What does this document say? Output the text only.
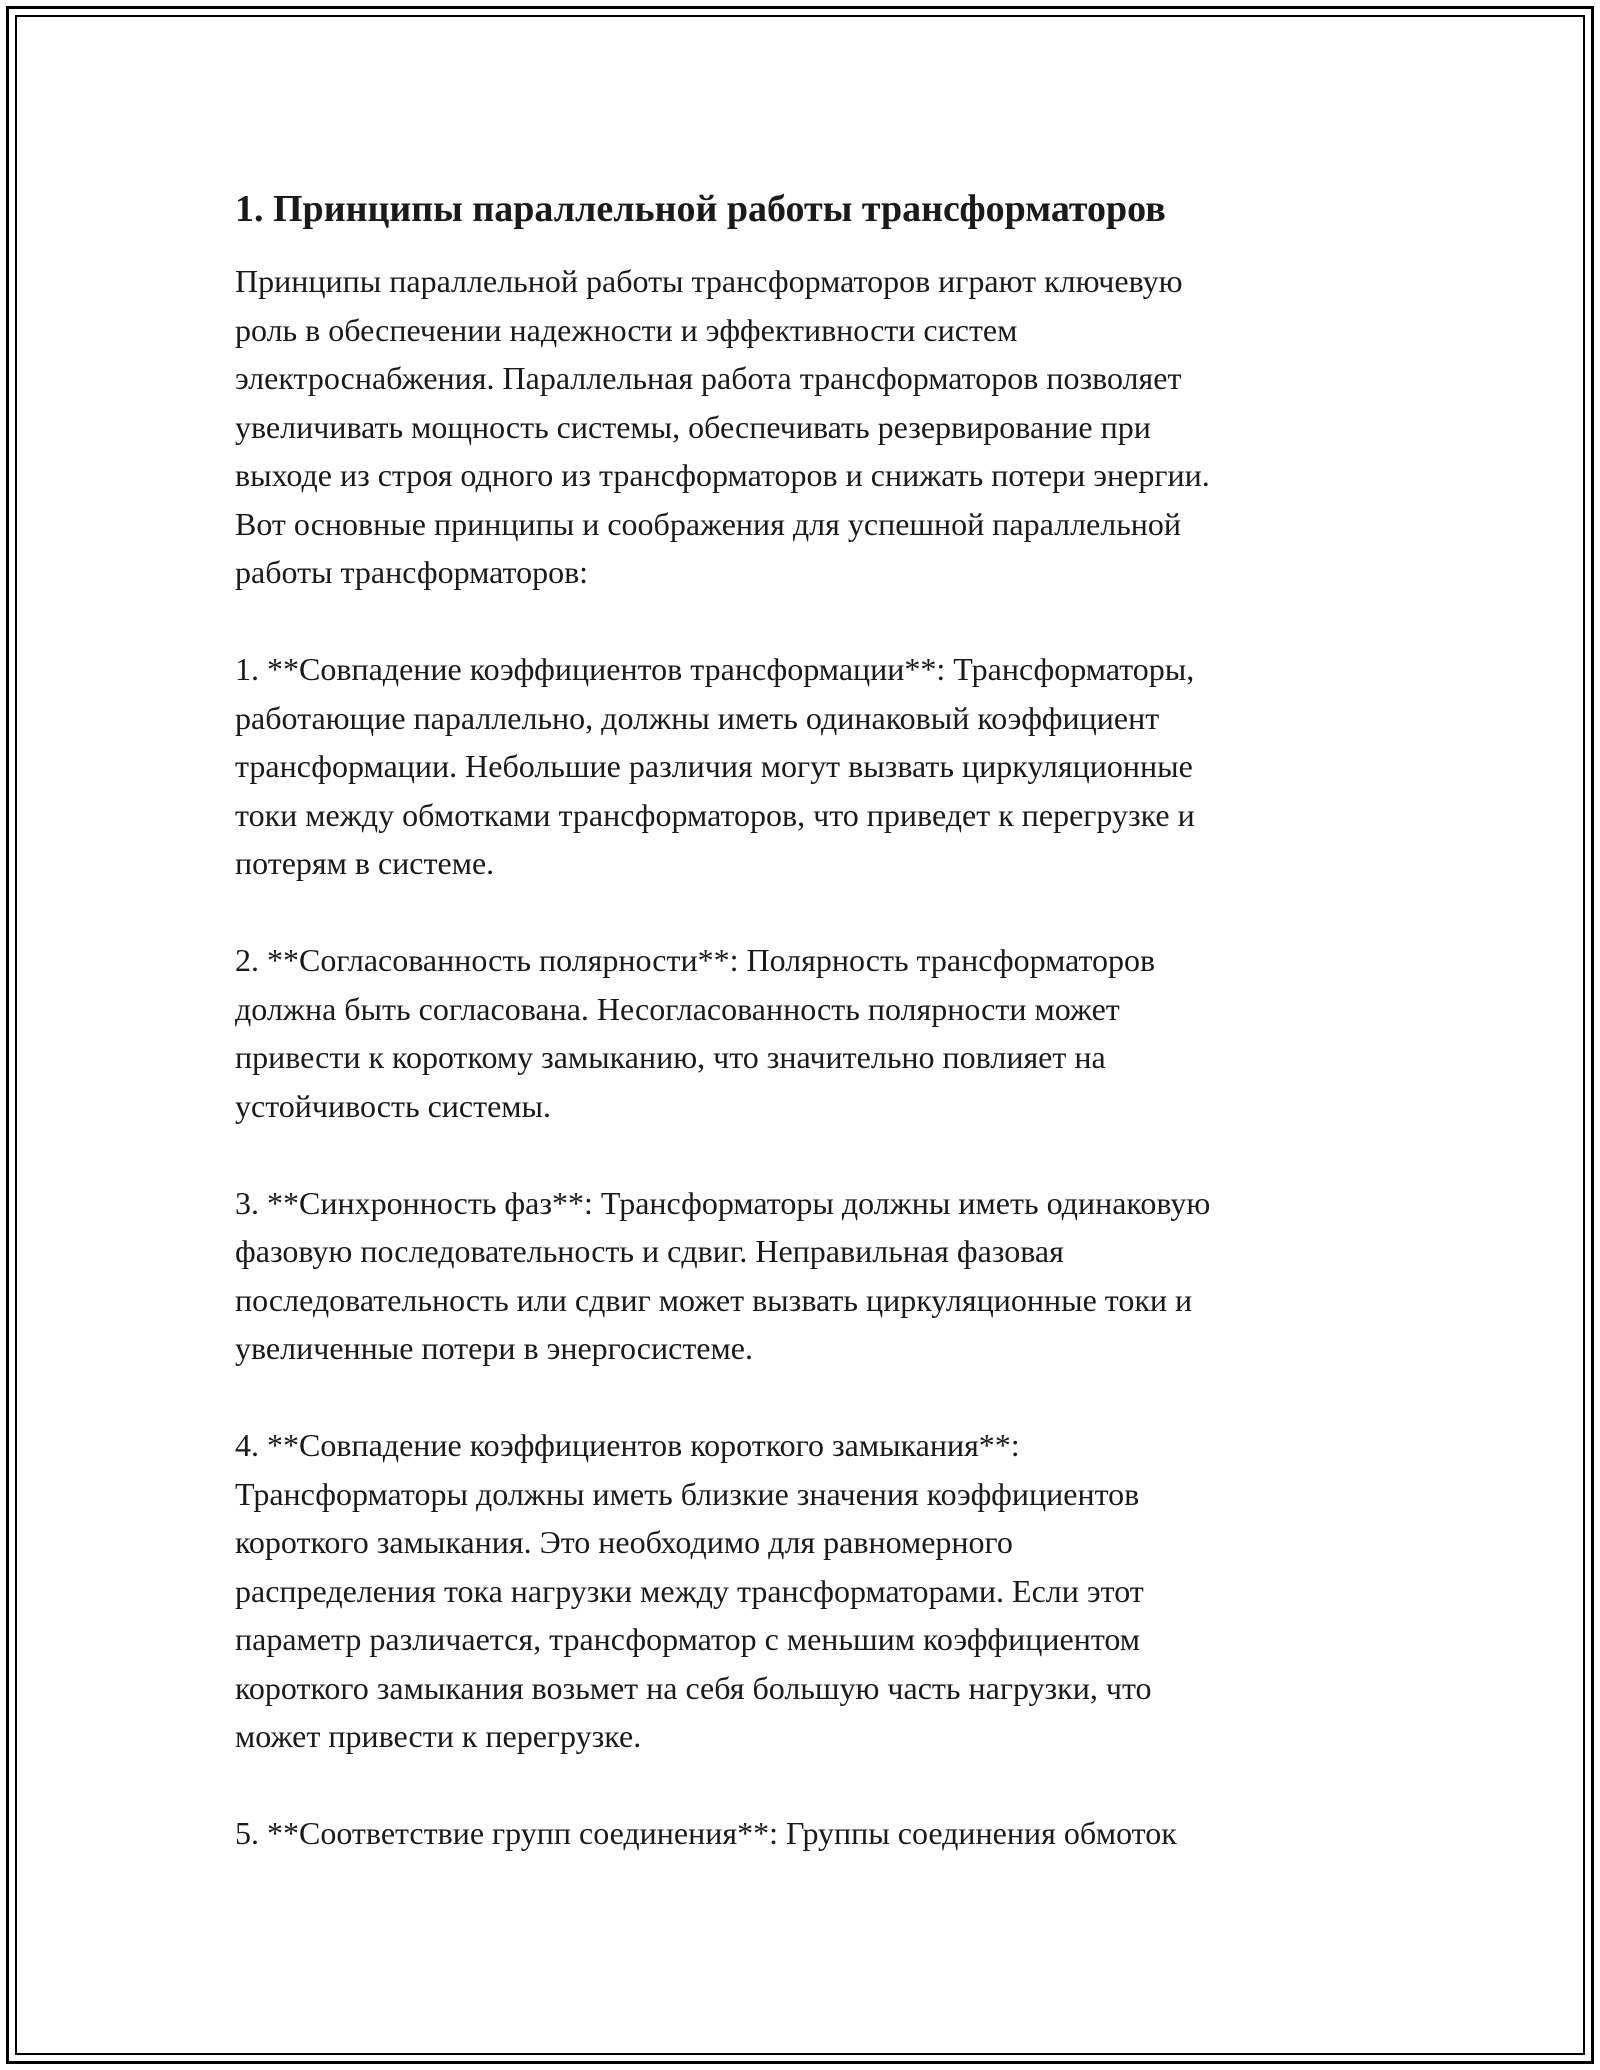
1. Принципы параллельной работы трансформаторов

Принципы параллельной работы трансформаторов играют ключевую
роль в обеспечении надежности и эффективности систем
электроснабжения. Параллельная работа трансформаторов позволяет
увеличивать мощность системы, обеспечивать резервирование при
выходе из строя одного из трансформаторов и снижать потери энергии.
Вот основные принципы и соображения для успешной параллельной
работы трансформаторов:

1. **Совпадение коэффициентов трансформации**: Трансформаторы,
работающие параллельно, должны иметь одинаковый коэффициент
трансформации. Небольшие различия могут вызвать циркуляционные
токи между обмотками трансформаторов, что приведет к перегрузке и
потерям в системе.

2. **Согласованность полярности**: Полярность трансформаторов
должна быть согласована. Несогласованность полярности может
привести к короткому замыканию, что значительно повлияет на
устойчивость системы.

3. **Синхронность фаз**: Трансформаторы должны иметь одинаковую
фазовую последовательность и сдвиг. Неправильная фазовая
последовательность или сдвиг может вызвать циркуляционные токи и
увеличенные потери в энергосистеме.

4. **Совпадение коэффициентов короткого замыкания**:
Трансформаторы должны иметь близкие значения коэффициентов
короткого замыкания. Это необходимо для равномерного
распределения тока нагрузки между трансформаторами. Если этот
параметр различается, трансформатор с меньшим коэффициентом
короткого замыкания возьмет на себя большую часть нагрузки, что
может привести к перегрузке.

5. **Соответствие групп соединения**: Группы соединения обмоток
